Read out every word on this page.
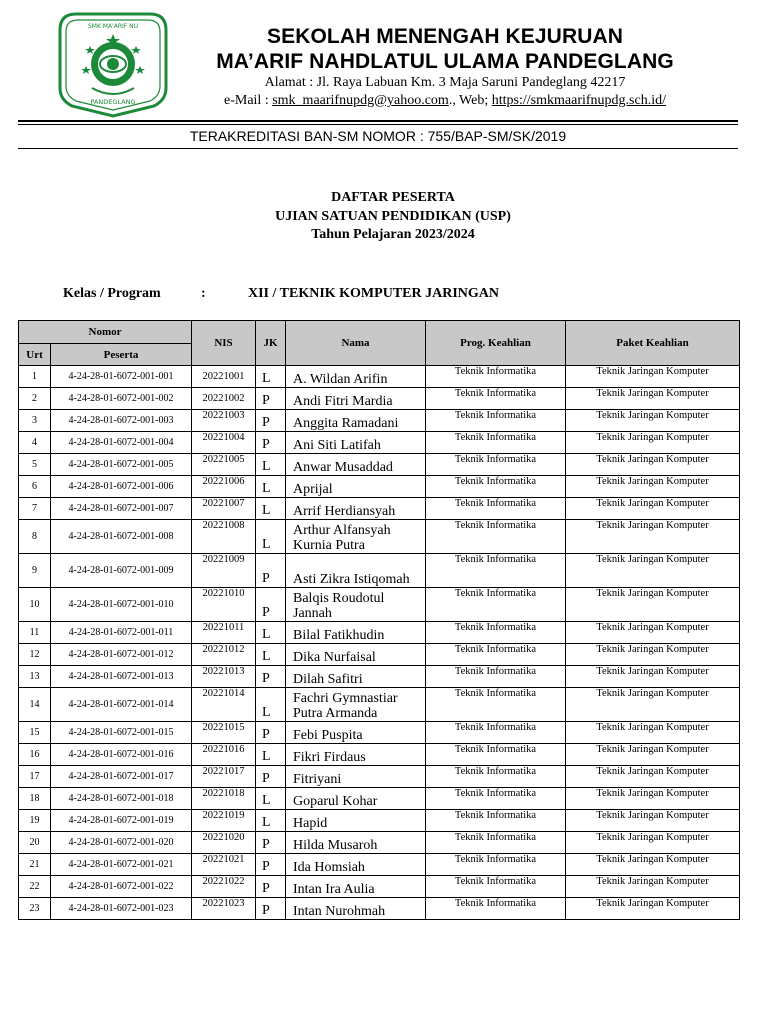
SMK MA'ARIF NU
PANDEGLANG
SEKOLAH MENENGAH KEJURUAN
MA’ARIF NAHDLATUL ULAMA PANDEGLANG
Alamat : Jl. Raya Labuan Km. 3 Maja Saruni Pandeglang 42217
e-Mail : smk_maarifnupdg@yahoo.com., Web; https://smkmaarifnupdg.sch.id/
TERAKREDITASI BAN-SM NOMOR : 755/BAP-SM/SK/2019
DAFTAR PESERTA
UJIAN SATUAN PENDIDIKAN (USP)
Tahun Pelajaran 2023/2024
Kelas / Program	:	XII / TEKNIK KOMPUTER JARINGAN
Nomor		NIS	JK	Nama	Prog. Keahlian	Paket Keahlian
Urt	Peserta					
1	4-24-28-01-6072-001-001	20221001	L	A. Wildan Arifin	Teknik Informatika	Teknik Jaringan Komputer
2	4-24-28-01-6072-001-002	20221002	P	Andi Fitri Mardia	Teknik Informatika	Teknik Jaringan Komputer
3	4-24-28-01-6072-001-003	20221003	P	Anggita Ramadani	Teknik Informatika	Teknik Jaringan Komputer
4	4-24-28-01-6072-001-004	20221004	P	Ani Siti Latifah	Teknik Informatika	Teknik Jaringan Komputer
5	4-24-28-01-6072-001-005	20221005	L	Anwar Musaddad	Teknik Informatika	Teknik Jaringan Komputer
6	4-24-28-01-6072-001-006	20221006	L	Aprijal	Teknik Informatika	Teknik Jaringan Komputer
7	4-24-28-01-6072-001-007	20221007	L	Arrif Herdiansyah	Teknik Informatika	Teknik Jaringan Komputer
8	4-24-28-01-6072-001-008	20221008	L	Arthur Alfansyah Kurnia Putra	Teknik Informatika	Teknik Jaringan Komputer
9	4-24-28-01-6072-001-009	20221009	P	Asti Zikra Istiqomah	Teknik Informatika	Teknik Jaringan Komputer
10	4-24-28-01-6072-001-010	20221010	P	Balqis Roudotul Jannah	Teknik Informatika	Teknik Jaringan Komputer
11	4-24-28-01-6072-001-011	20221011	L	Bilal Fatikhudin	Teknik Informatika	Teknik Jaringan Komputer
12	4-24-28-01-6072-001-012	20221012	L	Dika Nurfaisal	Teknik Informatika	Teknik Jaringan Komputer
13	4-24-28-01-6072-001-013	20221013	P	Dilah Safitri	Teknik Informatika	Teknik Jaringan Komputer
14	4-24-28-01-6072-001-014	20221014	L	Fachri Gymnastiar Putra Armanda	Teknik Informatika	Teknik Jaringan Komputer
15	4-24-28-01-6072-001-015	20221015	P	Febi Puspita	Teknik Informatika	Teknik Jaringan Komputer
16	4-24-28-01-6072-001-016	20221016	L	Fikri Firdaus	Teknik Informatika	Teknik Jaringan Komputer
17	4-24-28-01-6072-001-017	20221017	P	Fitriyani	Teknik Informatika	Teknik Jaringan Komputer
18	4-24-28-01-6072-001-018	20221018	L	Goparul Kohar	Teknik Informatika	Teknik Jaringan Komputer
19	4-24-28-01-6072-001-019	20221019	L	Hapid	Teknik Informatika	Teknik Jaringan Komputer
20	4-24-28-01-6072-001-020	20221020	P	Hilda Musaroh	Teknik Informatika	Teknik Jaringan Komputer
21	4-24-28-01-6072-001-021	20221021	P	Ida Homsiah	Teknik Informatika	Teknik Jaringan Komputer
22	4-24-28-01-6072-001-022	20221022	P	Intan Ira Aulia	Teknik Informatika	Teknik Jaringan Komputer
23	4-24-28-01-6072-001-023	20221023	P	Intan Nurohmah	Teknik Informatika	Teknik Jaringan Komputer
